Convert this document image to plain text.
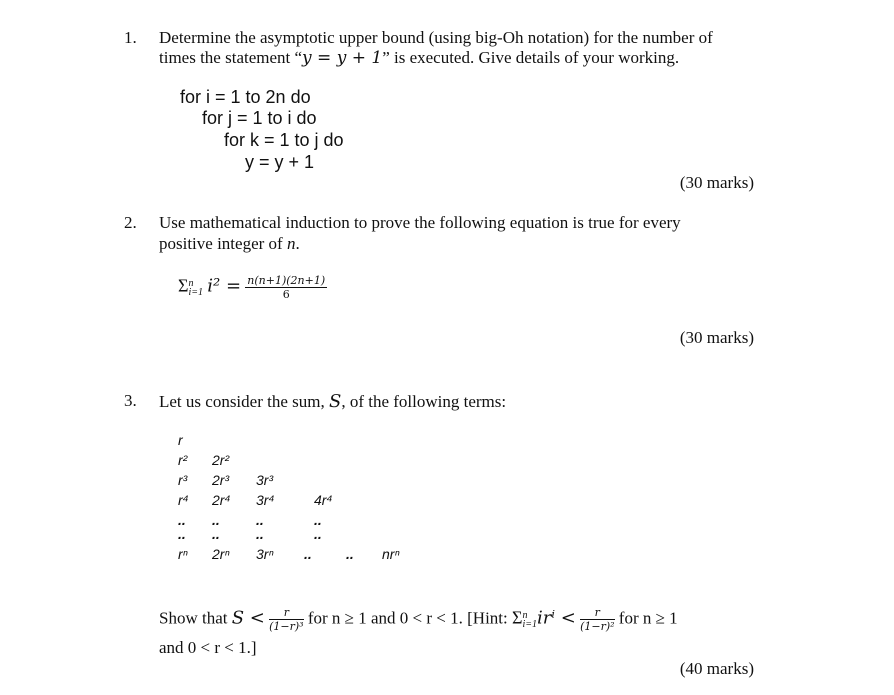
1. Determine the asymptotic upper bound (using big-Oh notation) for the number of
times the statement “y = y + 1” is executed. Give details of your working.
for i = 1 to 2n do
for j = 1 to i do
for k = 1 to j do
y = y + 1
(30 marks)
2. Use mathematical induction to prove the following equation is true for every
positive integer of n.
Σ n
i=1 $i^2 = \frac{n(n+1)(2n+1)}{6}$
(30 marks)
3. Let us consider the sum, S, of the following terms:
r
r² 2r²
r³ 2r³ 3r³
r⁴ 2r⁴ 3r⁴	4r⁴
.. ..	..	..
.. ..	..	..
rⁿ 2rⁿ 3rⁿ .. .. nrⁿ
Show that $S < \frac{r}{\text{(1−r)³}}$ for n ≥ 1 and 0 < r < 1. [Hint: Σ n
i=1 $ir^i < \frac{r}{\text{(1−r)²}}$ for n ≥ 1
and 0 < r < 1.]
(40 marks)
